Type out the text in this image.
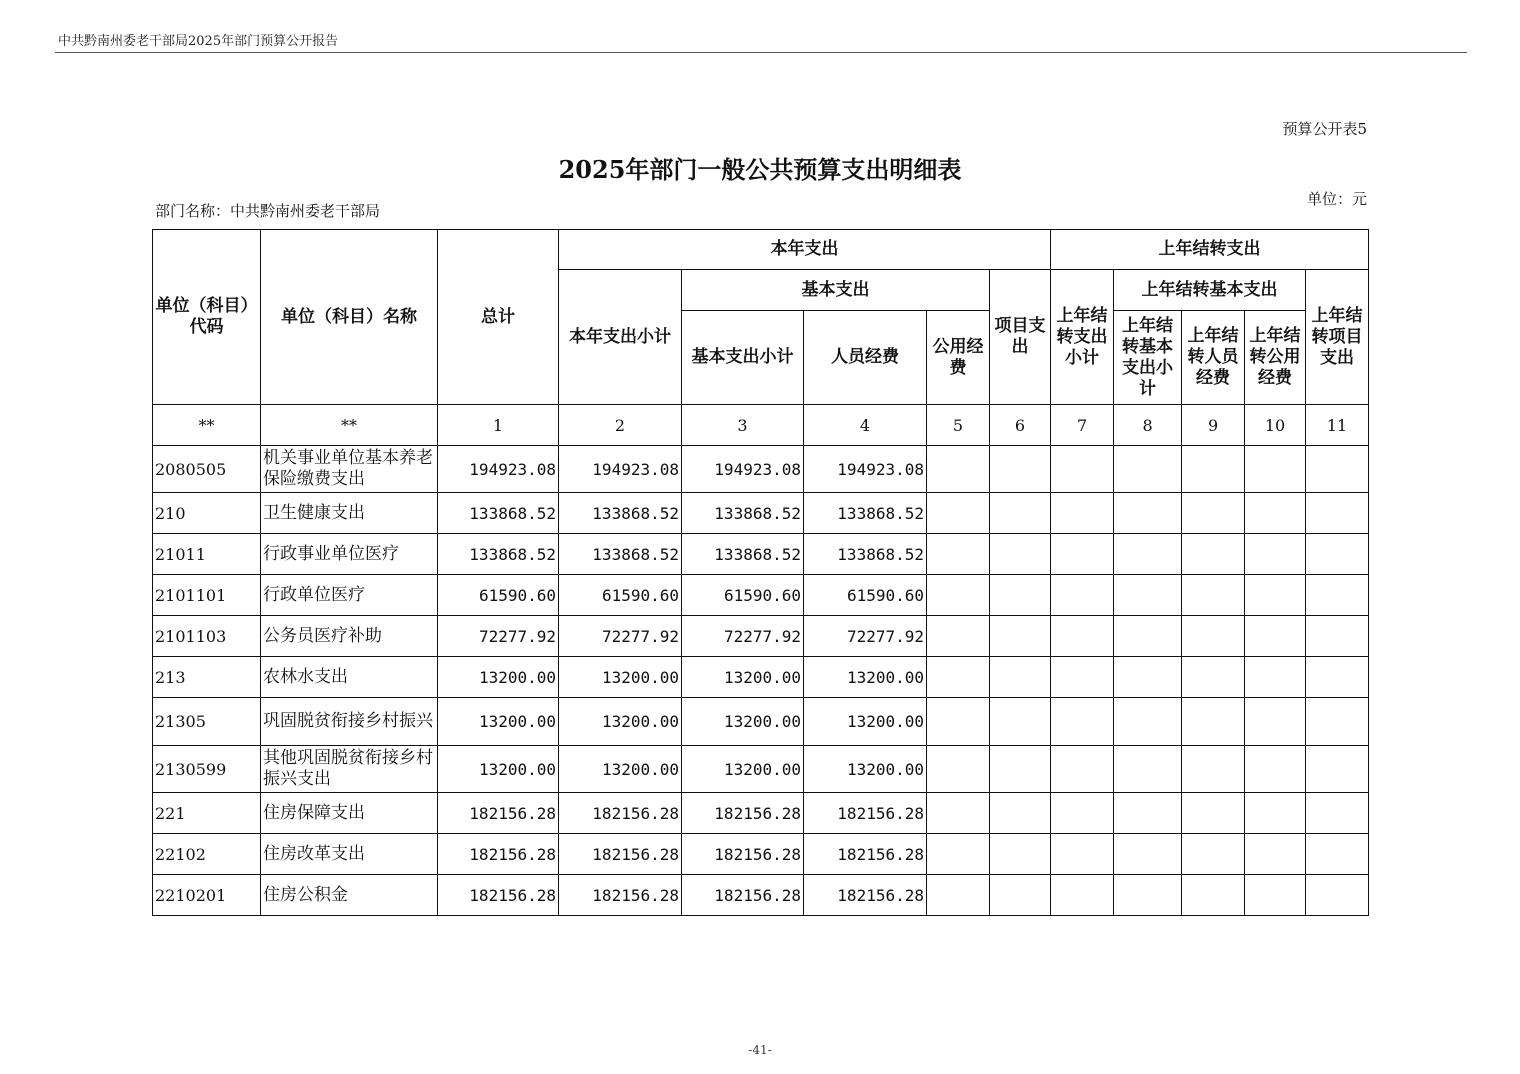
中共黔南州委老干部局2025年部门预算公开报告
预算公开表5
2025年部门一般公共预算支出明细表
单位：元
部门名称：中共黔南州委老干部局
单位（科目）代码	单位（科目）名称	总计	本年支出					上年结转支出				
			本年支出小计	基本支出			项目支出	上年结转支出小计	上年结转基本支出			上年结转项目支出
				基本支出小计	人员经费	公用经费			上年结转基本支出小计	上年结转人员经费	上年结转公用经费	
**	**	1	2	3	4	5	6	7	8	9	10	11
2080505	机关事业单位基本养老保险缴费支出	194923.08	194923.08	194923.08	194923.08							
210	卫生健康支出	133868.52	133868.52	133868.52	133868.52							
21011	行政事业单位医疗	133868.52	133868.52	133868.52	133868.52							
2101101	行政单位医疗	61590.60	61590.60	61590.60	61590.60							
2101103	公务员医疗补助	72277.92	72277.92	72277.92	72277.92							
213	农林水支出	13200.00	13200.00	13200.00	13200.00							
21305	巩固脱贫衔接乡村振兴	13200.00	13200.00	13200.00	13200.00							
2130599	其他巩固脱贫衔接乡村振兴支出	13200.00	13200.00	13200.00	13200.00							
221	住房保障支出	182156.28	182156.28	182156.28	182156.28							
22102	住房改革支出	182156.28	182156.28	182156.28	182156.28							
2210201	住房公积金	182156.28	182156.28	182156.28	182156.28							
-41-
